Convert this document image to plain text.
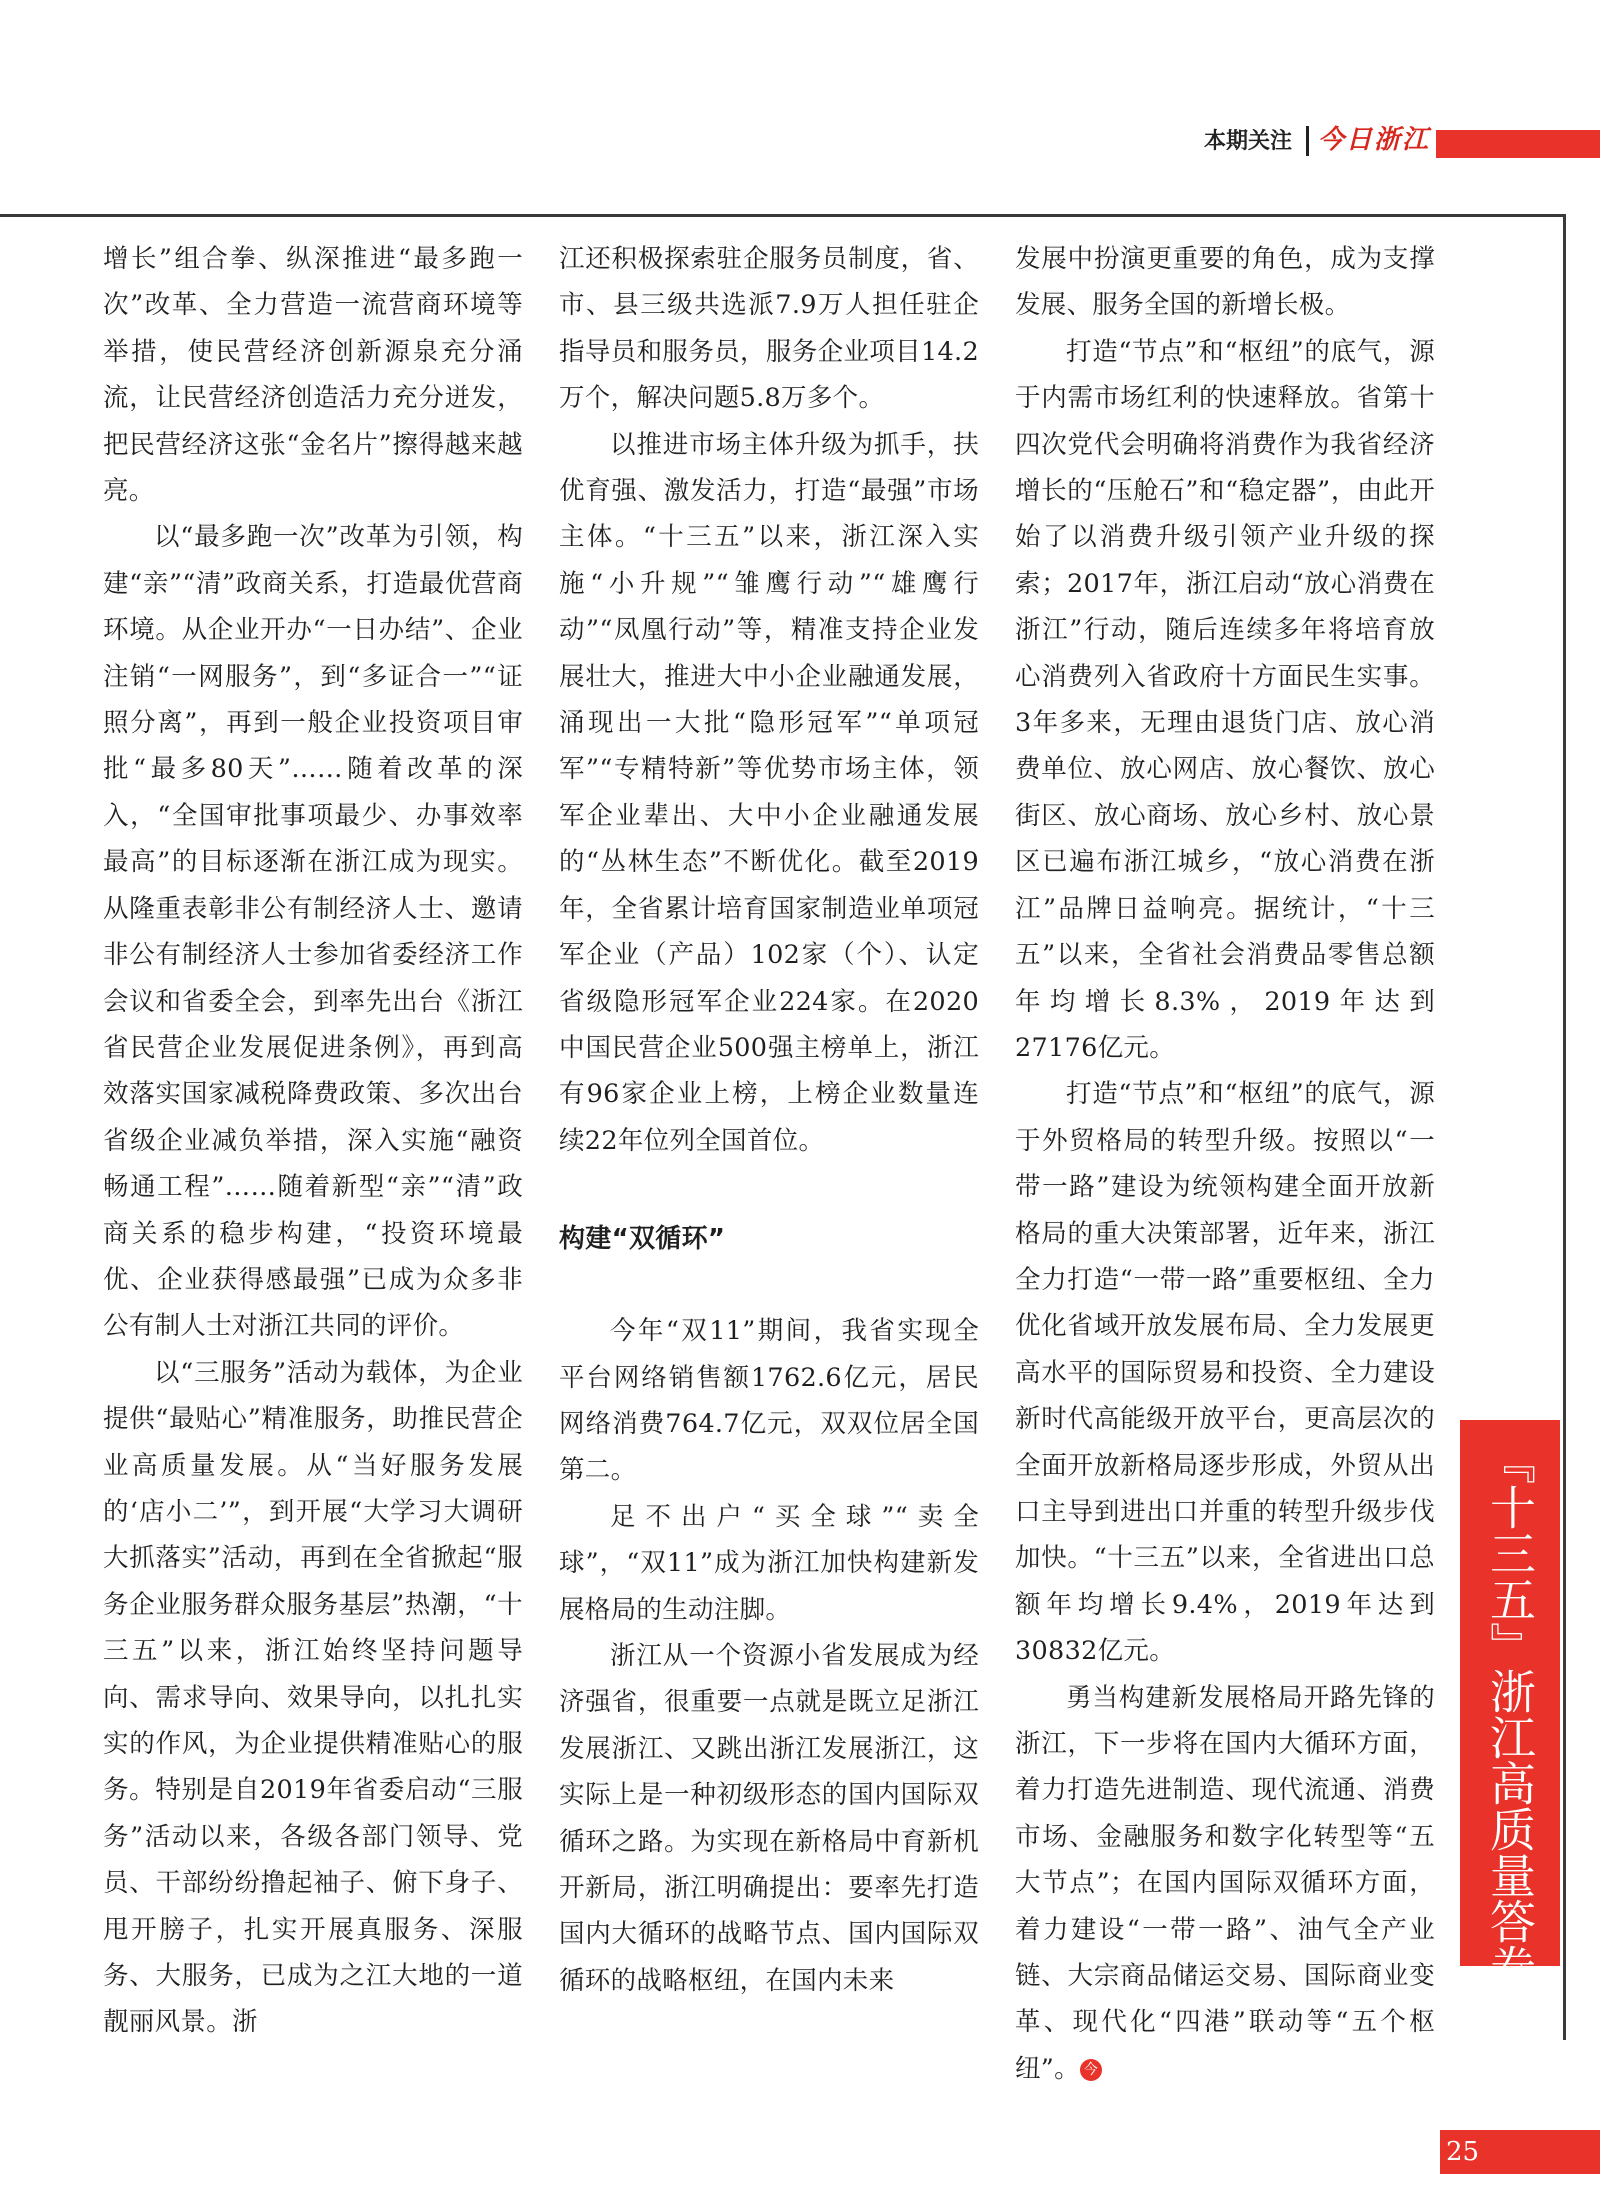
本期关注 今日浙江

增长”组合拳、纵深推进“最多跑一次”改革、全力营造一流营商环境等举措，使民营经济创新源泉充分涌流，让民营经济创造活力充分迸发，把民营经济这张“金名片”擦得越来越亮。

以“最多跑一次”改革为引领，构建“亲”“清”政商关系，打造最优营商环境。从企业开办“一日办结”、企业注销“一网服务”，到“多证合一”“证照分离”，再到一般企业投资项目审批“最多80天”……随着改革的深入，“全国审批事项最少、办事效率最高”的目标逐渐在浙江成为现实。从隆重表彰非公有制经济人士、邀请非公有制经济人士参加省委经济工作会议和省委全会，到率先出台《浙江省民营企业发展促进条例》，再到高效落实国家减税降费政策、多次出台省级企业减负举措，深入实施“融资畅通工程”……随着新型“亲”“清”政商关系的稳步构建，“投资环境最优、企业获得感最强”已成为众多非公有制人士对浙江共同的评价。

以“三服务”活动为载体，为企业提供“最贴心”精准服务，助推民营企业高质量发展。从“当好服务发展的‘店小二’”，到开展“大学习大调研大抓落实”活动，再到在全省掀起“服务企业服务群众服务基层”热潮，“十三五”以来，浙江始终坚持问题导向、需求导向、效果导向，以扎扎实实的作风，为企业提供精准贴心的服务。特别是自2019年省委启动“三服务”活动以来，各级各部门领导、党员、干部纷纷撸起袖子、俯下身子、甩开膀子，扎实开展真服务、深服务、大服务，已成为之江大地的一道靓丽风景。浙

江还积极探索驻企服务员制度，省、市、县三级共选派7.9万人担任驻企指导员和服务员，服务企业项目14.2万个，解决问题5.8万多个。

以推进市场主体升级为抓手，扶优育强、激发活力，打造“最强”市场主体。“十三五”以来，浙江深入实施“小升规”“雏鹰行动”“雄鹰行动”“凤凰行动”等，精准支持企业发展壮大，推进大中小企业融通发展，涌现出一大批“隐形冠军”“单项冠军”“专精特新”等优势市场主体，领军企业辈出、大中小企业融通发展的“丛林生态”不断优化。截至2019年，全省累计培育国家制造业单项冠军企业（产品）102家（个）、认定省级隐形冠军企业224家。在2020中国民营企业500强主榜单上，浙江有96家企业上榜，上榜企业数量连续22年位列全国首位。

构建“双循环”

今年“双11”期间，我省实现全平台网络销售额1762.6亿元，居民网络消费764.7亿元，双双位居全国第二。

足不出户“买全球”“卖全球”，“双11”成为浙江加快构建新发展格局的生动注脚。

浙江从一个资源小省发展成为经济强省，很重要一点就是既立足浙江发展浙江、又跳出浙江发展浙江，这实际上是一种初级形态的国内国际双循环之路。为实现在新格局中育新机开新局，浙江明确提出：要率先打造国内大循环的战略节点、国内国际双循环的战略枢纽，在国内未来

发展中扮演更重要的角色，成为支撑发展、服务全国的新增长极。

打造“节点”和“枢纽”的底气，源于内需市场红利的快速释放。省第十四次党代会明确将消费作为我省经济增长的“压舱石”和“稳定器”，由此开始了以消费升级引领产业升级的探索；2017年，浙江启动“放心消费在浙江”行动，随后连续多年将培育放心消费列入省政府十方面民生实事。3年多来，无理由退货门店、放心消费单位、放心网店、放心餐饮、放心街区、放心商场、放心乡村、放心景区已遍布浙江城乡，“放心消费在浙江”品牌日益响亮。据统计，“十三五”以来，全省社会消费品零售总额年均增长8.3%，2019年达到27176亿元。

打造“节点”和“枢纽”的底气，源于外贸格局的转型升级。按照以“一带一路”建设为统领构建全面开放新格局的重大决策部署，近年来，浙江全力打造“一带一路”重要枢纽、全力优化省域开放发展布局、全力发展更高水平的国际贸易和投资、全力建设新时代高能级开放平台，更高层次的全面开放新格局逐步形成，外贸从出口主导到进出口并重的转型升级步伐加快。“十三五”以来，全省进出口总额年均增长9.4%，2019年达到30832亿元。

勇当构建新发展格局开路先锋的浙江，下一步将在国内大循环方面，着力打造先进制造、现代流通、消费市场、金融服务和数字化转型等“五大节点”；在国内国际双循环方面，着力建设“一带一路”、油气全产业链、大宗商品储运交易、国际商业变革、现代化“四港”联动等“五个枢纽”。 今

『十三五』浙江高质量答卷
25
